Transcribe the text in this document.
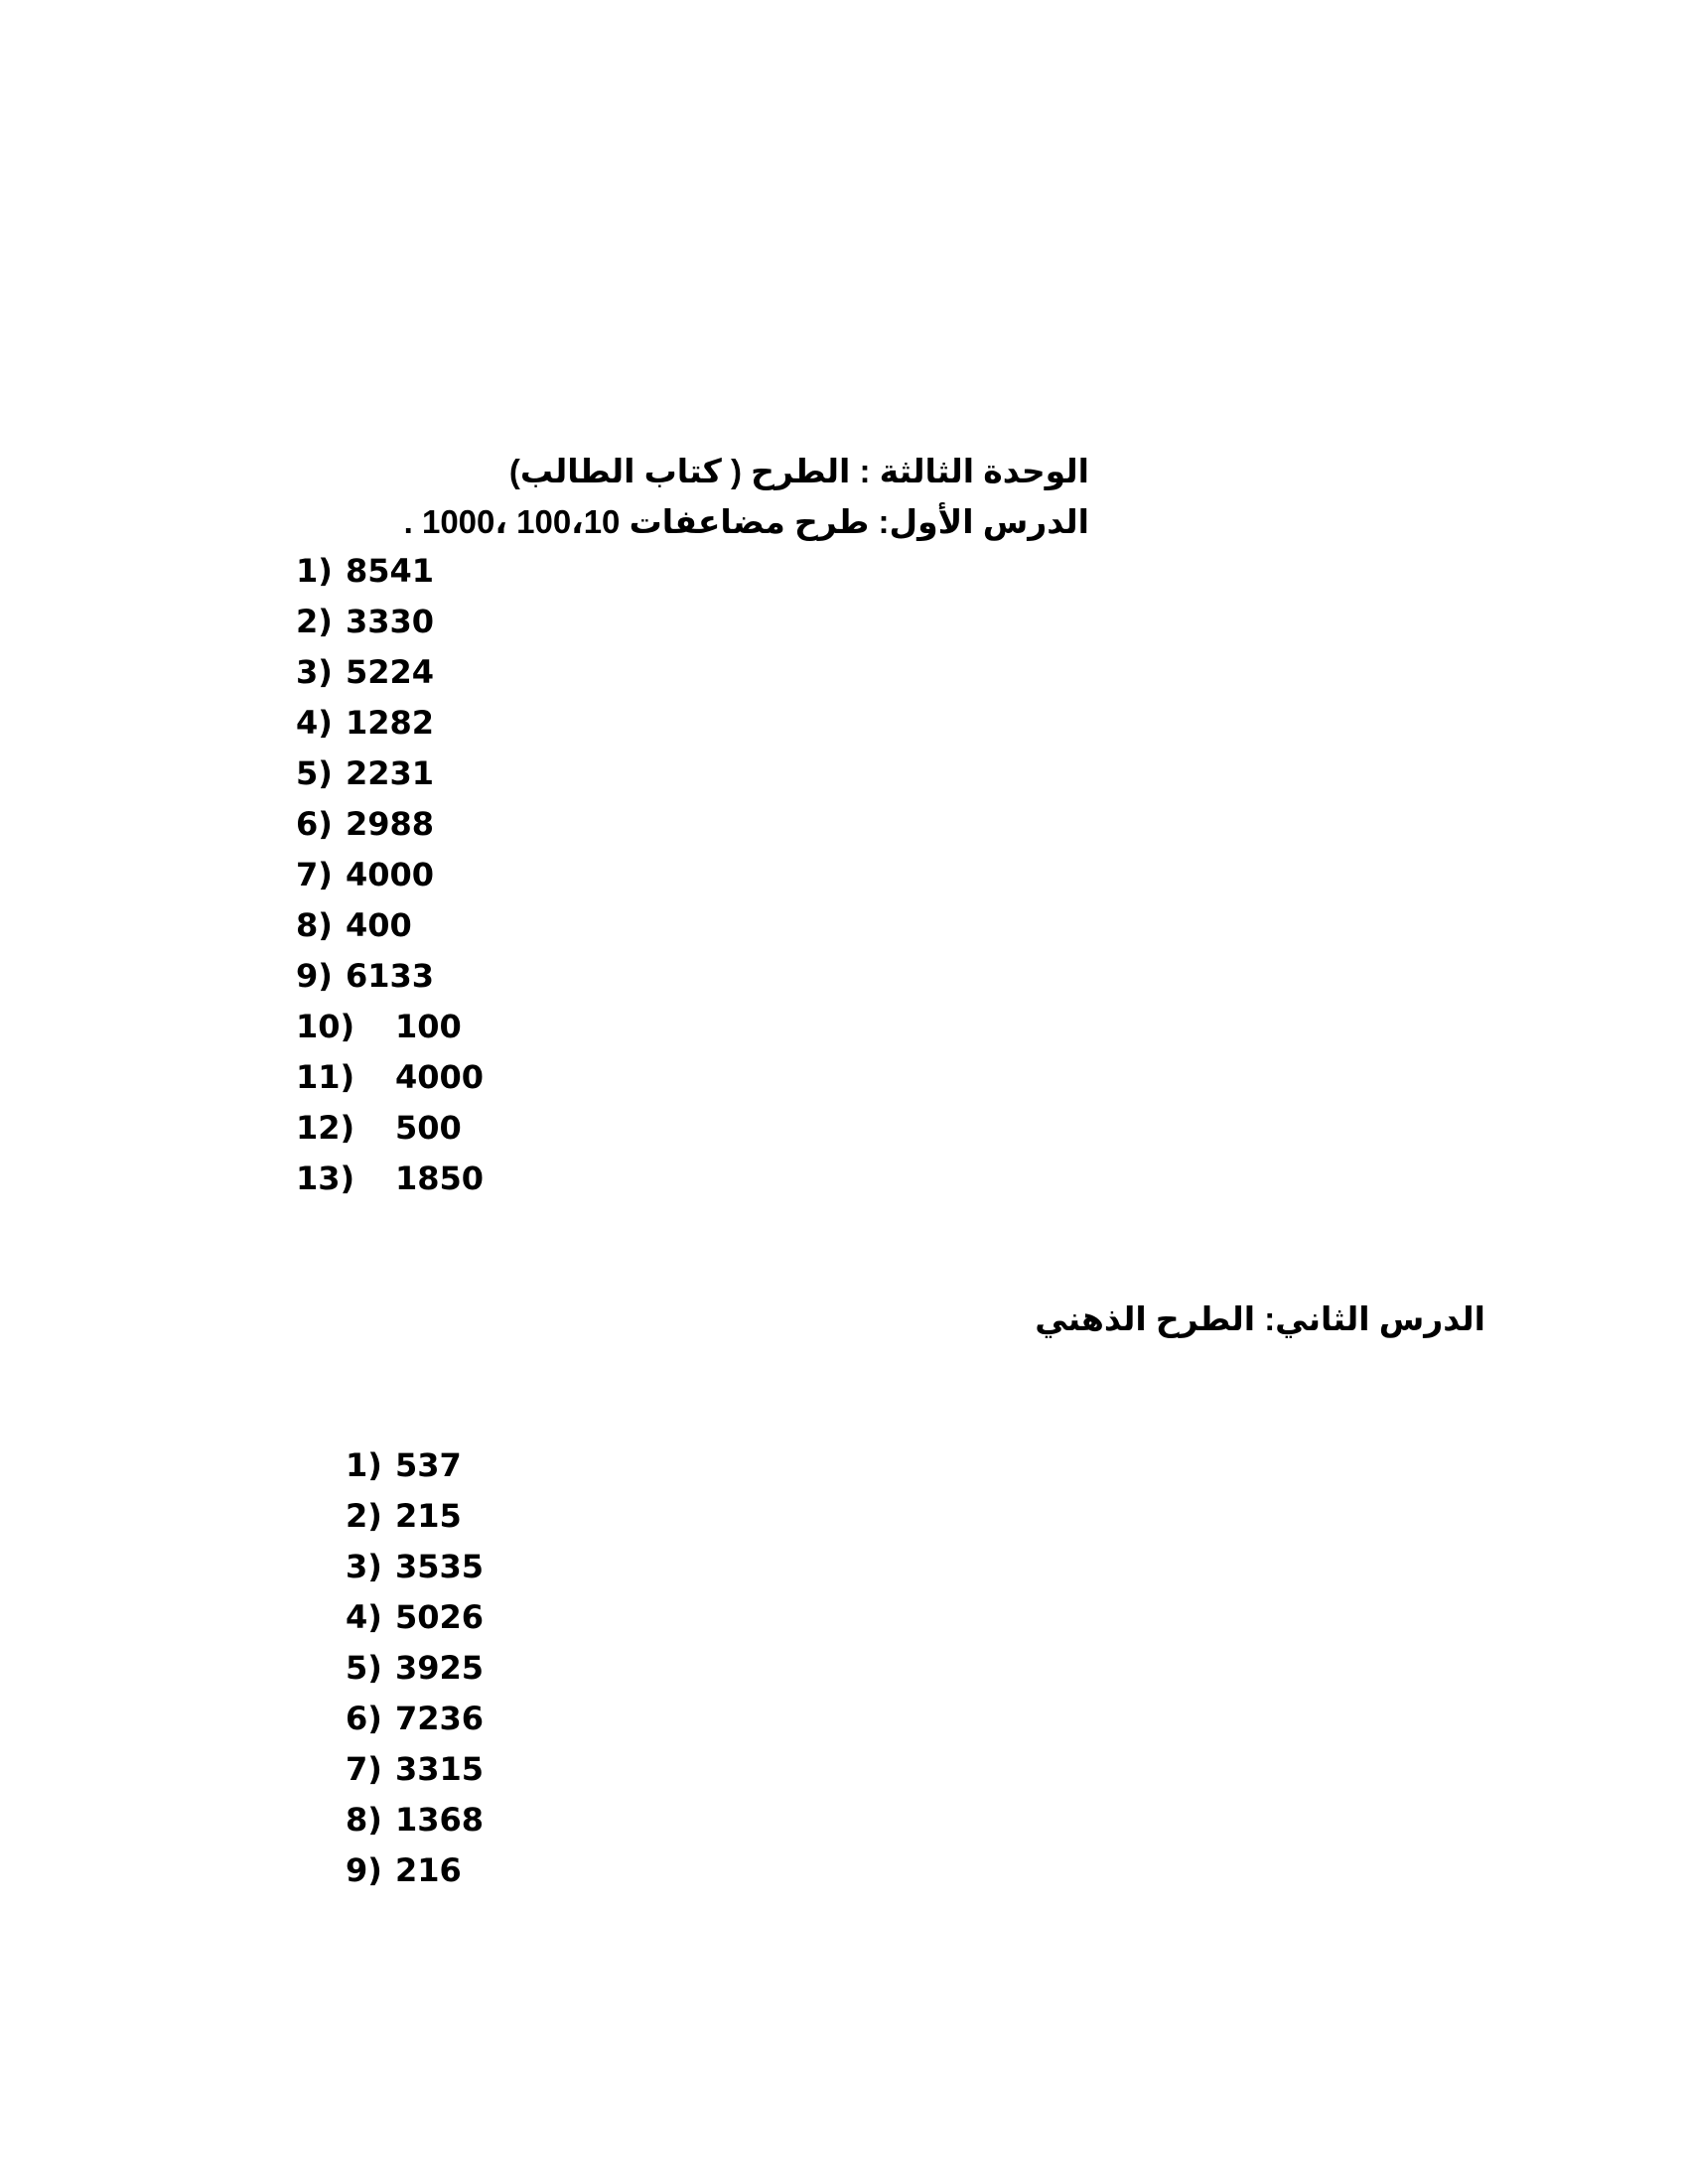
الوحدة الثالثة : الطرح ( كتاب الطالب)
الدرس الأول: طرح مضاعفات 100،10 ،1000 .
1) 8541
2) 3330
3) 5224
4) 1282
5) 2231
6) 2988
7) 4000
8) 400
9) 6133
10) 100
11) 4000
12) 500
13) 1850
الدرس الثاني: الطرح الذهني
1) 537
2) 215
3) 3535
4) 5026
5) 3925
6) 7236
7) 3315
8) 1368
9) 216
